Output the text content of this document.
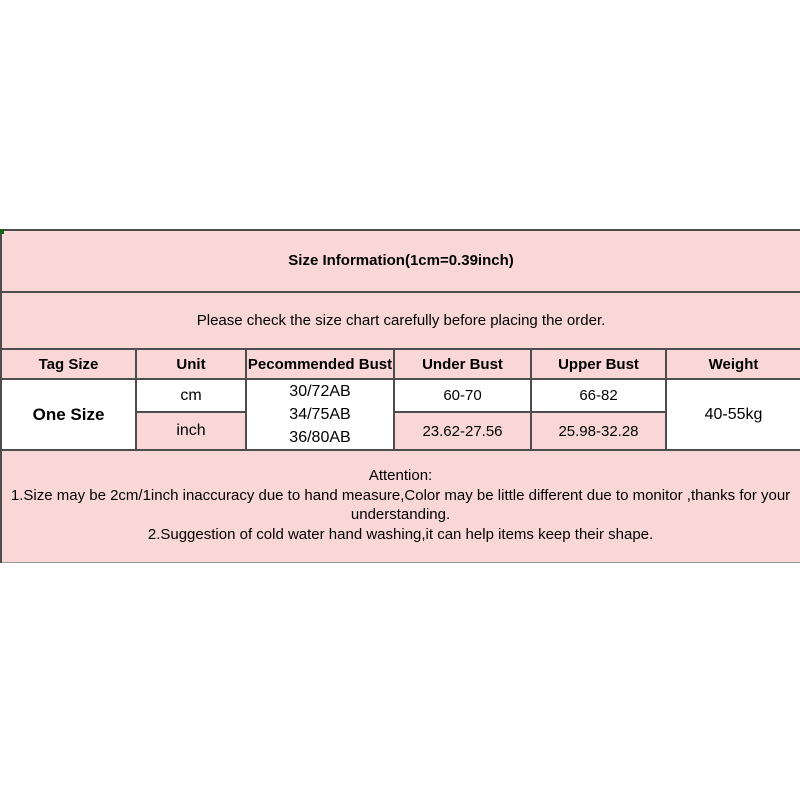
Size Information(1cm=0.39inch)					
Please check the size chart carefully before placing the order.					
Tag Size	Unit	Pecommended Bust	Under Bust	Upper Bust	Weight
One Size	cm	30/72AB
34/75AB
36/80AB	60-70	66-82	40-55kg
	inch		23.62-27.56	25.98-32.28	

Attention:
1.Size may be 2cm/1inch inaccuracy due to hand measure,Color may be little different due to monitor ,thanks for your understanding.
2.Suggestion of cold water hand washing,it can help items keep their shape.					
